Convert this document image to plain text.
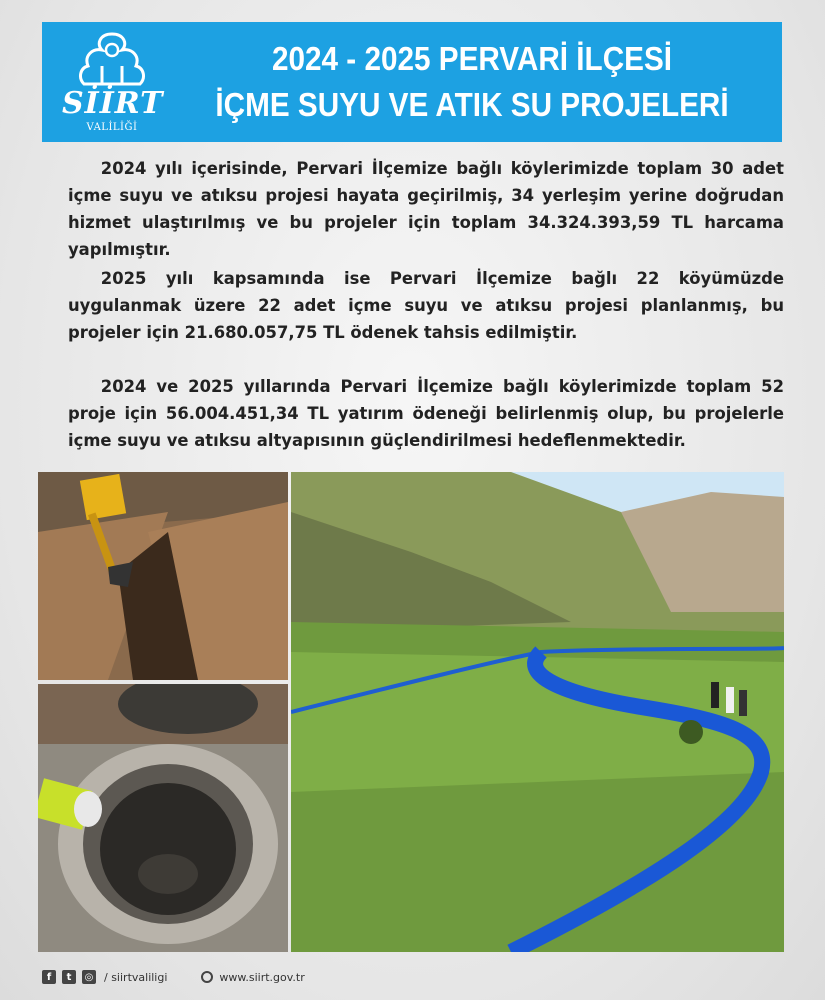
SİİRT
VALİLİĞİ
2024 - 2025 PERVARİ İLÇESİ
İÇME SUYU VE ATIK SU PROJELERİ

2024 yılı içerisinde, Pervari İlçemize bağlı köylerimizde toplam 30 adet içme suyu ve atıksu projesi hayata geçirilmiş, 34 yerleşim yerine doğrudan hizmet ulaştırılmış ve bu projeler için toplam 34.324.393,59 TL harcama yapılmıştır.

2025 yılı kapsamında ise Pervari İlçemize bağlı 22 köyümüzde uygulanmak üzere 22 adet içme suyu ve atıksu projesi planlanmış, bu projeler için 21.680.057,75 TL ödenek tahsis edilmiştir.

2024 ve 2025 yıllarında Pervari İlçemize bağlı köylerimizde toplam 52 proje için 56.004.451,34 TL yatırım ödeneği belirlenmiş olup, bu projelerle içme suyu ve atıksu altyapısının güçlendirilmesi hedeflenmektedir.

f	t	◎ / siirtvaliligi	www.siirt.gov.tr
